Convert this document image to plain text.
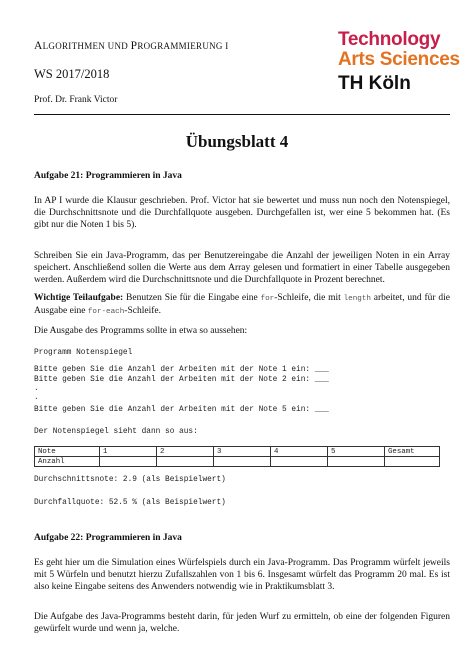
ALGORITHMEN UND PROGRAMMIERUNG I
WS 2017/2018
Prof. Dr. Frank Victor
Technology
Arts Sciences
TH Köln
Übungsblatt 4
Aufgabe 21: Programmieren in Java
In AP I wurde die Klausur geschrieben. Prof. Victor hat sie bewertet und muss nun noch den Notenspiegel, die Durchschnittsnote und die Durchfallquote ausgeben. Durchgefallen ist, wer eine 5 bekommen hat. (Es gibt nur die Noten 1 bis 5).
Schreiben Sie ein Java-Programm, das per Benutzereingabe die Anzahl der jeweiligen Noten in ein Array speichert. Anschließend sollen die Werte aus dem Array gelesen und formatiert in einer Tabelle ausgegeben werden. Außerdem wird die Durchschnittsnote und die Durchfallquote in Prozent berechnet.
Wichtige Teilaufgabe: Benutzen Sie für die Eingabe eine for-Schleife, die mit length arbeitet, und für die Ausgabe eine for-each-Schleife.
Die Ausgabe des Programms sollte in etwa so aussehen:
Programm Notenspiegel
Bitte geben Sie die Anzahl der Arbeiten mit der Note 1 ein: ___
Bitte geben Sie die Anzahl der Arbeiten mit der Note 2 ein: ___
.
.
Bitte geben Sie die Anzahl der Arbeiten mit der Note 5 ein: ___
Der Notenspiegel sieht dann so aus:
Note	1	2	3	4	5	Gesamt
Anzahl						
Durchschnittsnote: 2.9 (als Beispielwert)
Durchfallquote: 52.5 % (als Beispielwert)
Aufgabe 22: Programmieren in Java
Es geht hier um die Simulation eines Würfelspiels durch ein Java-Programm. Das Programm würfelt jeweils mit 5 Würfeln und benutzt hierzu Zufallszahlen von 1 bis 6. Insgesamt würfelt das Programm 20 mal. Es ist also keine Eingabe seitens des Anwenders notwendig wie in Praktikumsblatt 3.
Die Aufgabe des Java-Programms besteht darin, für jeden Wurf zu ermitteln, ob eine der folgenden Figuren gewürfelt wurde und wenn ja, welche.
